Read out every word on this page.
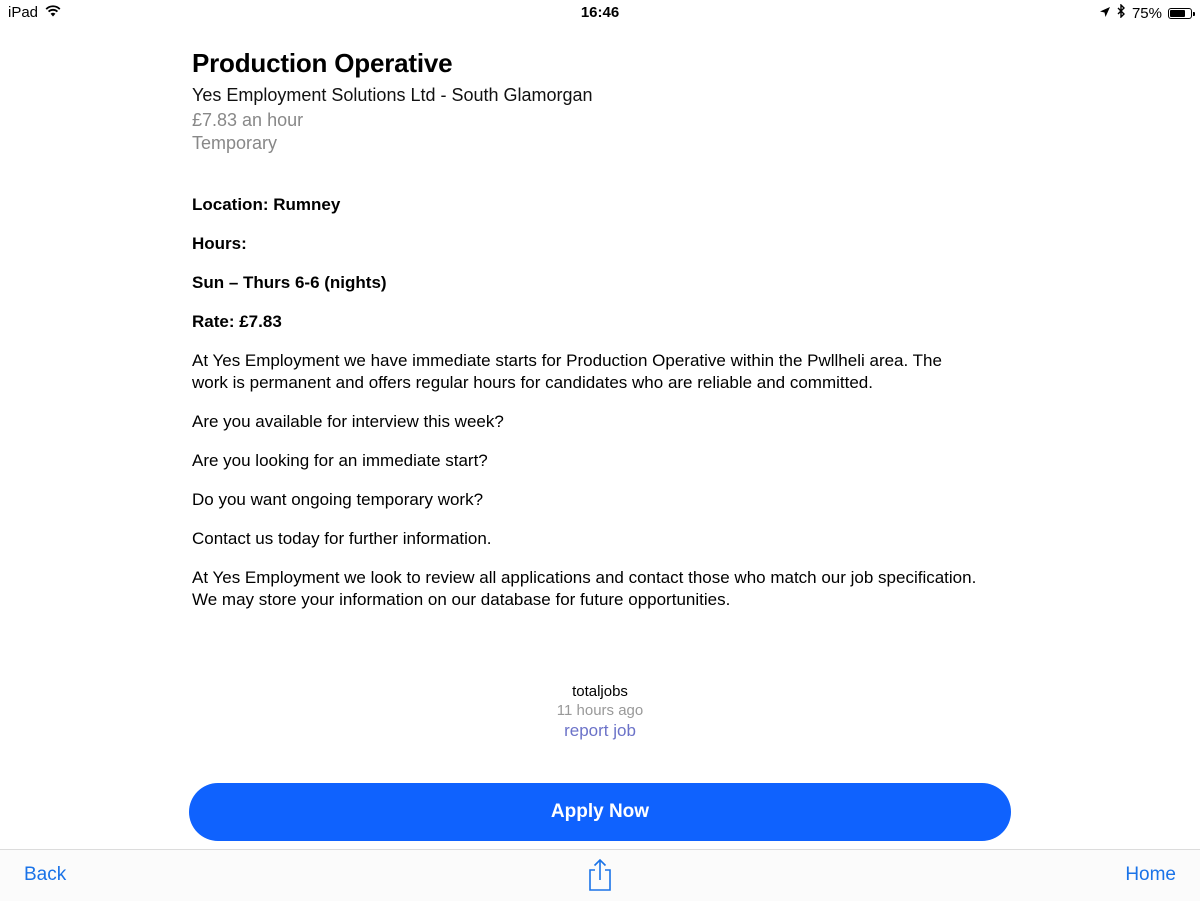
iPad	16:46	75%
Production Operative
Yes Employment Solutions Ltd - South Glamorgan
£7.83 an hour
Temporary

Location: Rumney

Hours:

Sun – Thurs 6-6 (nights)

Rate: £7.83

At Yes Employment we have immediate starts for Production Operative within the Pwllheli area. The work is permanent and offers regular hours for candidates who are reliable and committed.

Are you available for interview this week?

Are you looking for an immediate start?

Do you want ongoing temporary work?

Contact us today for further information.

At Yes Employment we look to review all applications and contact those who match our job specification. We may store your information on our database for future opportunities.

totaljobs
11 hours ago
report job
Apply Now
Back	Home
